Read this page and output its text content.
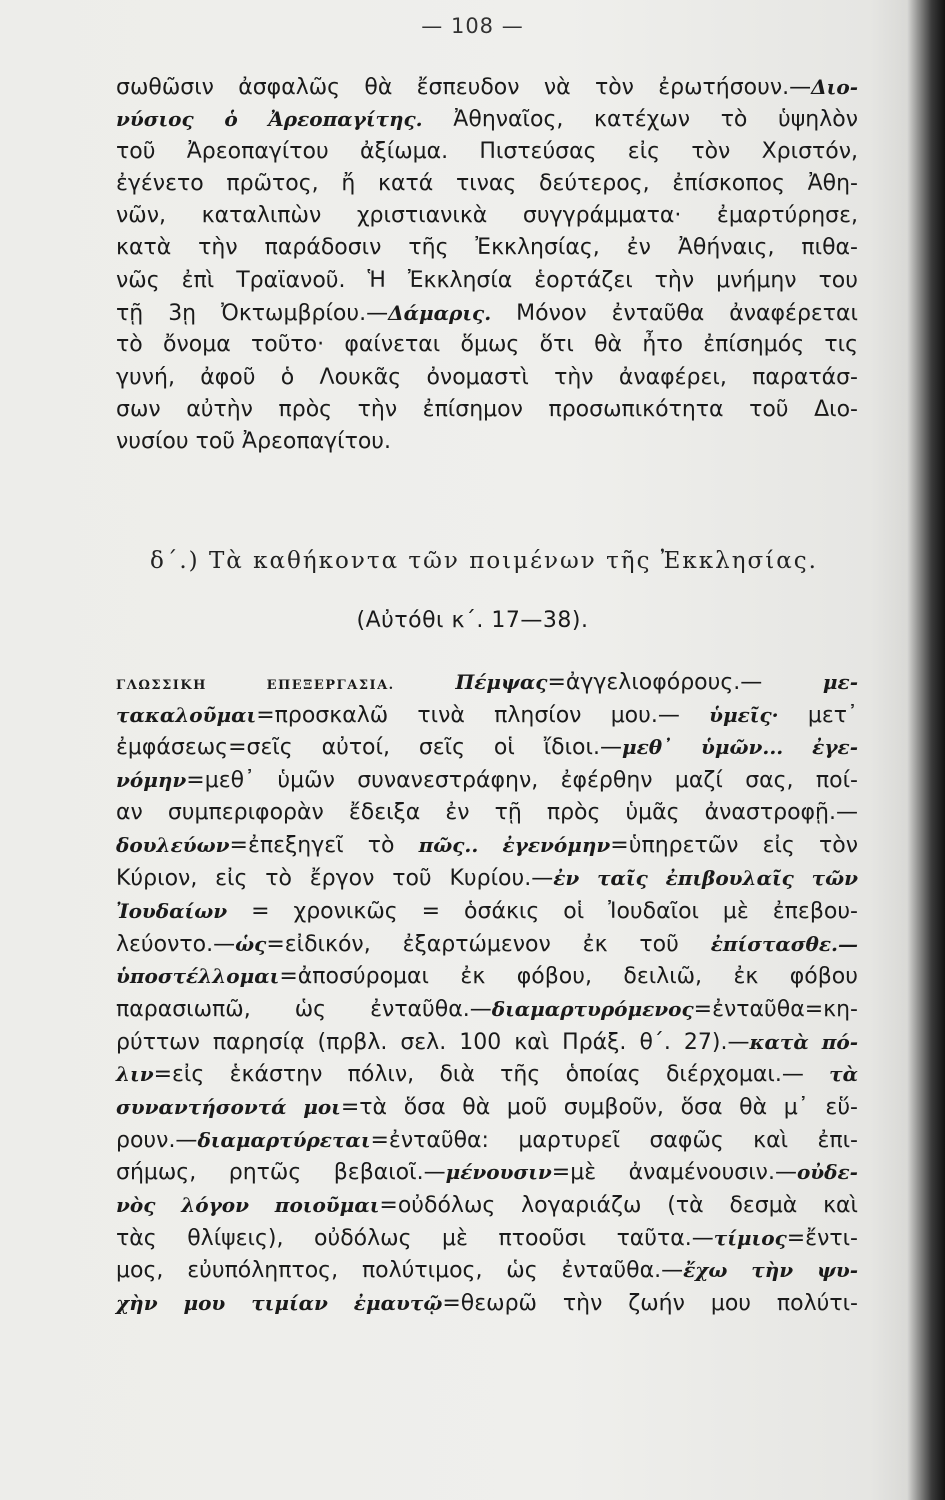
— 108 —
σωθῶσιν ἀσφαλῶς θὰ ἔσπευδον νὰ τὸν ἐρωτήσουν.—Διο-
νύσιος ὁ Ἀρεοπαγίτης. Ἀθηναῖος, κατέχων τὸ ὑψηλὸν
τοῦ Ἀρεοπαγίτου ἀξίωμα. Πιστεύσας εἰς τὸν Χριστόν,
ἐγένετο πρῶτος, ἤ κατά τινας δεύτερος, ἐπίσκοπος Ἀθη-
νῶν, καταλιπὼν χριστιανικὰ συγγράμματα· ἐμαρτύρησε,
κατὰ τὴν παράδοσιν τῆς Ἐκκλησίας, ἐν Ἀθήναις, πιθα-
νῶς ἐπὶ Τραϊανοῦ. Ἡ Ἐκκλησία ἑορτάζει τὴν μνήμην του
τῇ 3ῃ Ὀκτωμβρίου.—Δάμαρις. Μόνον ἐνταῦθα ἀναφέρεται
τὸ ὄνομα τοῦτο· φαίνεται ὅμως ὅτι θὰ ἦτο ἐπίσημός τις
γυνή, ἀφοῦ ὁ Λουκᾶς ὀνομαστὶ τὴν ἀναφέρει, παρατάσ-
σων αὐτὴν πρὸς τὴν ἐπίσημον προσωπικότητα τοῦ Διο-
νυσίου τοῦ Ἀρεοπαγίτου.
δ΄.) Τὰ καθήκοντα τῶν ποιμένων τῆς Ἐκκλησίας.
(Αὐτόθι κ΄. 17—38).
ΓΛΩΣΣΙΚΗ ΕΠΕΞΕΡΓΑΣΙΑ.	Πέμψας=ἀγγελιοφόρους.— με-
τακαλοῦμαι=προσκαλῶ τινὰ πλησίον μου.— ὑμεῖς· μετ᾽
ἐμφάσεως=σεῖς αὐτοί, σεῖς οἱ ἴδιοι.—μεθ᾽ ὑμῶν... ἐγε-
νόμην=μεθ᾽ ὑμῶν συνανεστράφην, ἐφέρθην μαζί σας, ποί-
αν συμπεριφορὰν ἔδειξα ἐν τῇ πρὸς ὑμᾶς ἀναστροφῇ.—
δουλεύων=ἐπεξηγεῖ τὸ πῶς.. ἐγενόμην=ὑπηρετῶν εἰς τὸν
Κύριον, εἰς τὸ ἔργον τοῦ Κυρίου.—ἐν ταῖς ἐπιβουλαῖς τῶν
Ἰουδαίων = χρονικῶς = ὁσάκις οἱ Ἰουδαῖοι μὲ ἐπεβου-
λεύοντο.—ὡς=εἰδικόν, ἐξαρτώμενον ἐκ τοῦ ἐπίστασθε.—
ὑποστέλλομαι=ἀποσύρομαι ἐκ φόβου, δειλιῶ, ἐκ φόβου
παρασιωπῶ, ὡς ἐνταῦθα.—διαμαρτυρόμενος=ἐνταῦθα=κη-
ρύττων παρησίᾳ (πρβλ. σελ. 100 καὶ Πράξ. θ΄. 27).—κατὰ πό-
λιν=εἰς ἑκάστην πόλιν, διὰ τῆς ὁποίας διέρχομαι.— τὰ
συναντήσοντά μοι=τὰ ὅσα θὰ μοῦ συμβοῦν, ὅσα θὰ μ᾽ εὕ-
ρουν.—διαμαρτύρεται=ἐνταῦθα: μαρτυρεῖ σαφῶς καὶ ἐπι-
σήμως, ρητῶς βεβαιοῖ.—μένουσιν=μὲ ἀναμένουσιν.—οὐδε-
νὸς λόγον ποιοῦμαι=οὐδόλως λογαριάζω (τὰ δεσμὰ καὶ
τὰς θλίψεις), οὐδόλως μὲ πτοοῦσι ταῦτα.—τίμιος=ἔντι-
μος, εὐυπόληπτος, πολύτιμος, ὡς ἐνταῦθα.—ἔχω τὴν ψυ-
χὴν μου τιμίαν ἐμαυτῷ=θεωρῶ τὴν ζωήν μου πολύτι-
